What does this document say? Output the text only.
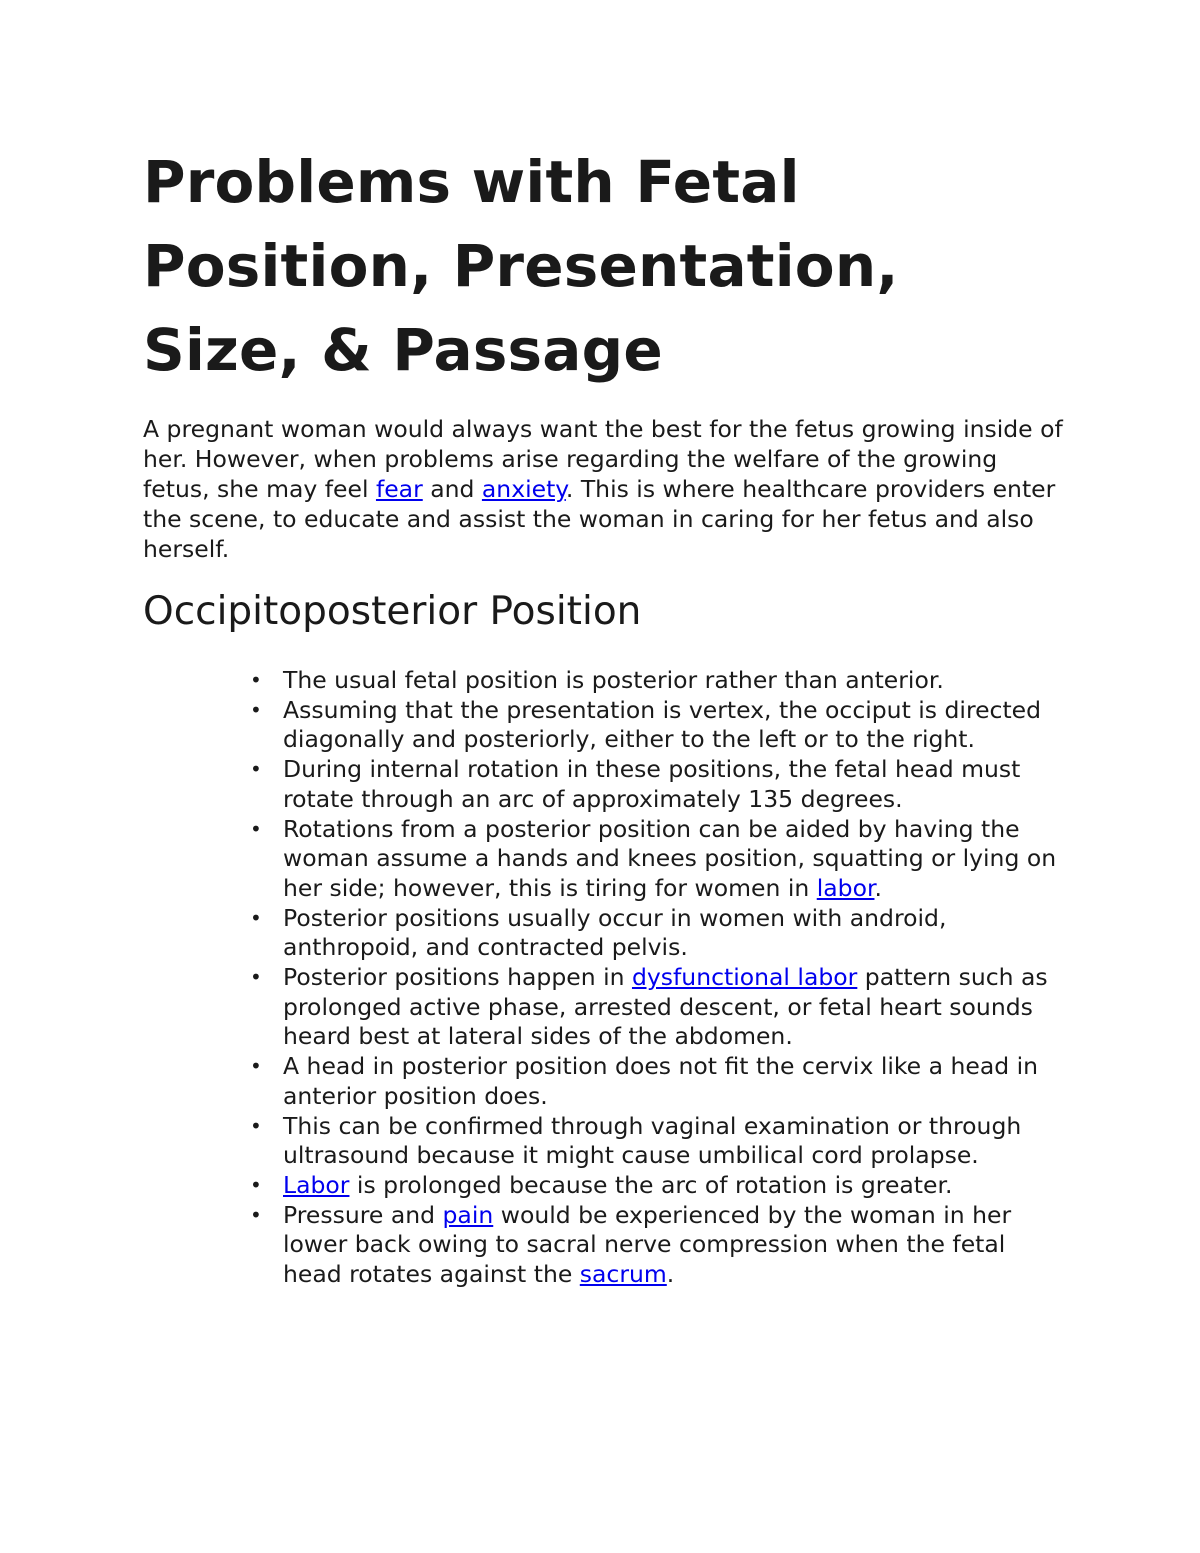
Problems with Fetal Position, Presentation, Size, & Passage

A pregnant woman would always want the best for the fetus growing inside of her. However, when problems arise regarding the welfare of the growing fetus, she may feel fear and anxiety. This is where healthcare providers enter the scene, to educate and assist the woman in caring for her fetus and also herself.

Occipitoposterior Position
• The usual fetal position is posterior rather than anterior.
• Assuming that the presentation is vertex, the occiput is directed diagonally and posteriorly, either to the left or to the right.
• During internal rotation in these positions, the fetal head must rotate through an arc of approximately 135 degrees.
• Rotations from a posterior position can be aided by having the woman assume a hands and knees position, squatting or lying on her side; however, this is tiring for women in labor.
• Posterior positions usually occur in women with android, anthropoid, and contracted pelvis.
• Posterior positions happen in dysfunctional labor pattern such as prolonged active phase, arrested descent, or fetal heart sounds heard best at lateral sides of the abdomen.
• A head in posterior position does not fit the cervix like a head in anterior position does.
• This can be confirmed through vaginal examination or through ultrasound because it might cause umbilical cord prolapse.
• Labor is prolonged because the arc of rotation is greater.
• Pressure and pain would be experienced by the woman in her lower back owing to sacral nerve compression when the fetal head rotates against the sacrum.
